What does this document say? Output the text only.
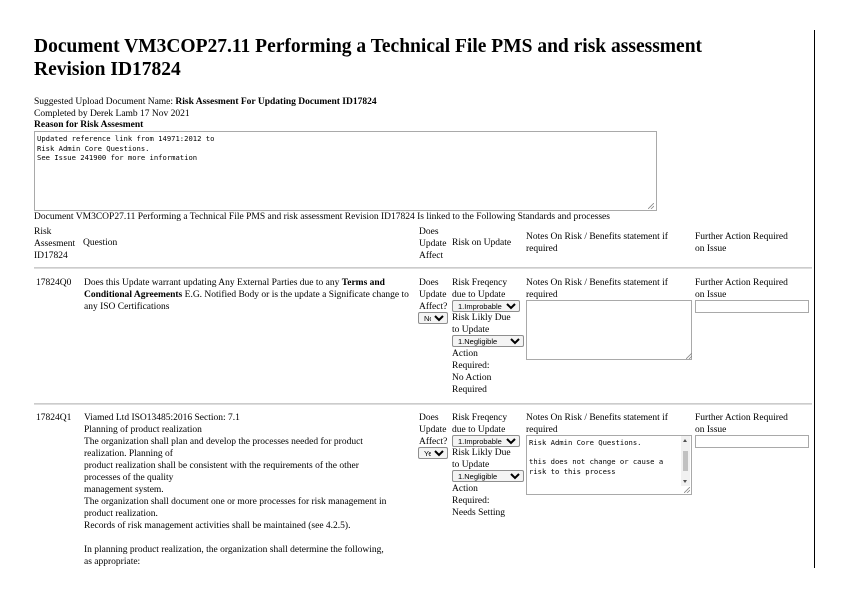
Document VM3COP27.11 Performing a Technical File PMS and risk assessment
Revision ID17824
Suggested Upload Document Name: Risk Assesment For Updating Document ID17824
Completed by Derek Lamb 17 Nov 2021
Reason for Risk Assesment
Updated reference link from 14971:2012 to Risk Admin Core Questions. See Issue 241900 for more information
Document VM3COP27.11 Performing a Technical File PMS and risk assessment Revision ID17824 Is linked to the Following Standards and processes
Risk
Assesment
ID17824
Question
Does
Update
Affect
Risk on Update
Notes On Risk / Benefits statement if
required
Further Action Required
on Issue
17824Q0 Does this Update warrant updating Any External Parties due to any Terms and Conditional Agreements E.G. Notified Body or is the update a Significate change to any ISO Certifications
Does
Update
Affect?
No
Risk Freqency
due to Update
1.Improbable
Risk Likly Due
to Update
1.Negligible
Action
Required:
No Action
Required
Notes On Risk / Benefits statement if
required
Further Action Required
on Issue
17824Q1 Viamed Ltd ISO13485:2016 Section: 7.1
Planning of product realization
The organization shall plan and develop the processes needed for product
realization. Planning of
product realization shall be consistent with the requirements of the other
processes of the quality
management system.
The organization shall document one or more processes for risk management in
product realization.
Records of risk management activities shall be maintained (see 4.2.5).
In planning product realization, the organization shall determine the following,
as appropriate:
Does
Update
Affect?
Yes
Risk Freqency
due to Update
1.Improbable
Risk Likly Due
to Update
1.Negligible
Action
Required:
Needs Setting
Notes On Risk / Benefits statement if
required
Risk Admin Core Questions. this does not change or cause a risk to this process
Further Action Required
on Issue
